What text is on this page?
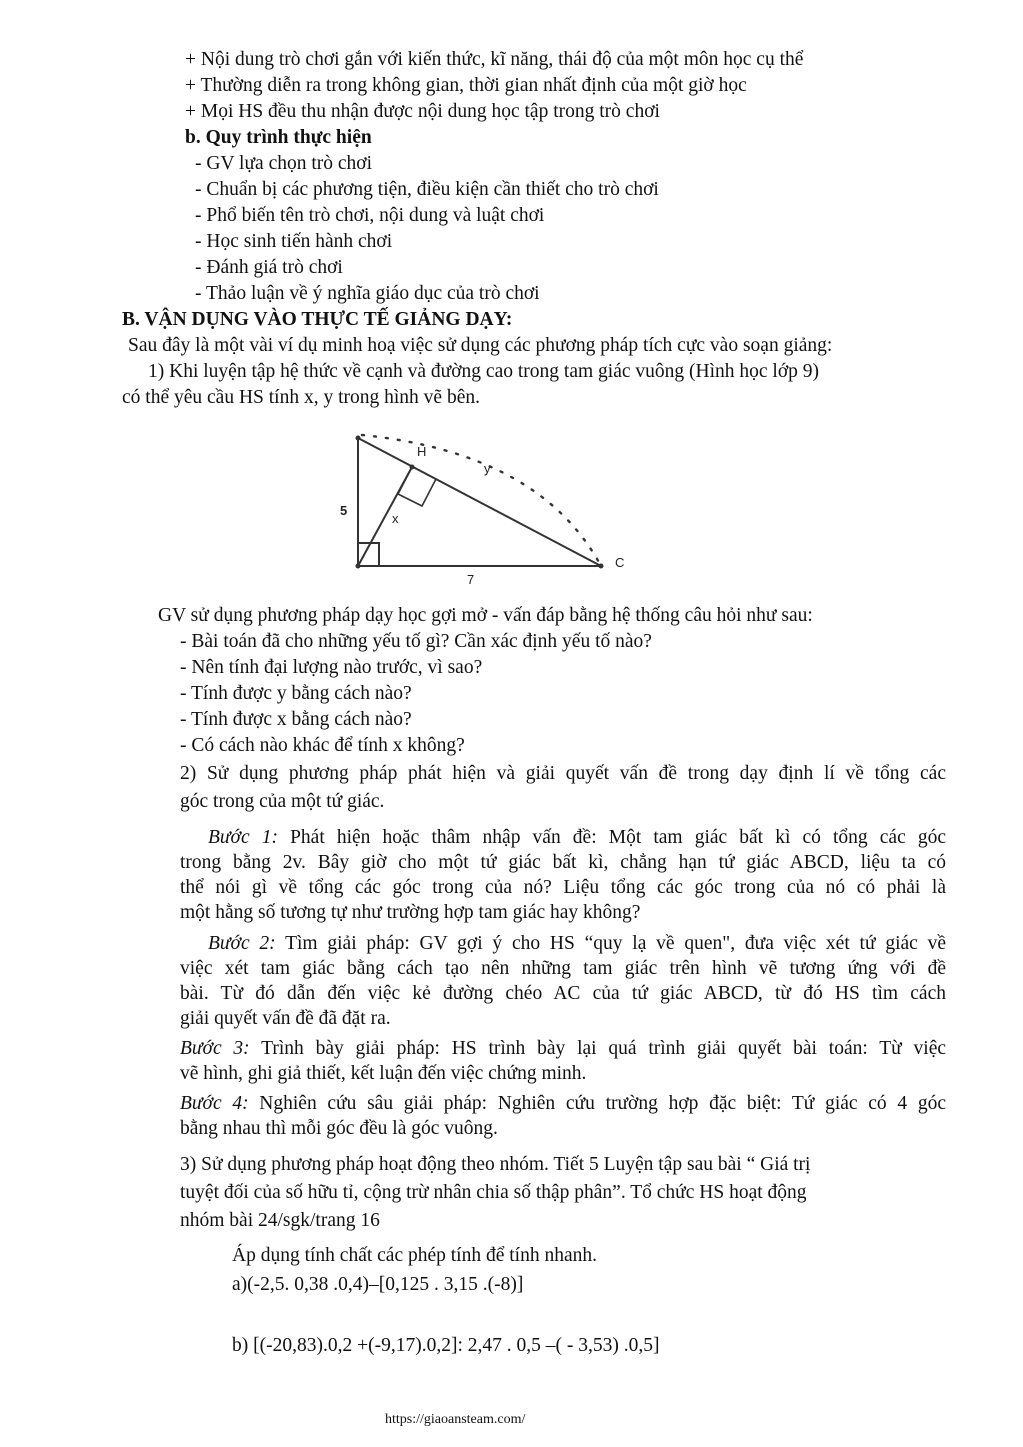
+ Nội dung trò chơi gắn với kiến thức, kĩ năng, thái độ của một môn học cụ thể
+ Thường diễn ra trong không gian, thời gian nhất định của một giờ học
+ Mọi HS đều thu nhận được nội dung học tập trong trò chơi
b. Quy trình thực hiện
- GV lựa chọn trò chơi
- Chuẩn bị các phương tiện, điều kiện cần thiết cho trò chơi
- Phổ biến tên trò chơi, nội dung và luật chơi
- Học sinh tiến hành chơi
- Đánh giá trò chơi
- Thảo luận về ý nghĩa giáo dục của trò chơi
B. VẬN DỤNG VÀO THỰC TẾ GIẢNG DẠY:
Sau đây là một vài ví dụ minh hoạ việc sử dụng các phương pháp tích cực vào soạn giảng:
1) Khi luyện tập hệ thức về cạnh và đường cao trong tam giác vuông (Hình học lớp 9)
có thể yêu cầu HS tính x, y trong hình vẽ bên.
H
y
x
5
7
C
GV sử dụng phương pháp dạy học gợi mở - vấn đáp bằng hệ thống câu hỏi như sau:
- Bài toán đã cho những yếu tố gì? Cần xác định yếu tố nào?
- Nên tính đại lượng nào trước, vì sao?
- Tính được y bằng cách nào?
- Tính được x bằng cách nào?
- Có cách nào khác để tính x không?
2) Sử dụng phương pháp phát hiện và giải quyết vấn đề trong dạy định lí về tổng các
góc trong của một tứ giác.
Bước 1: Phát hiện hoặc thâm nhập vấn đề: Một tam giác bất kì có tổng các góc
trong bằng 2v. Bây giờ cho một tứ giác bất kì, chẳng hạn tứ giác ABCD, liệu ta có
thể nói gì về tổng các góc trong của nó? Liệu tổng các góc trong của nó có phải là
một hằng số tương tự như trường hợp tam giác hay không?
Bước 2: Tìm giải pháp: GV gợi ý cho HS “quy lạ về quen", đưa việc xét tứ giác về
việc xét tam giác bằng cách tạo nên những tam giác trên hình vẽ tương ứng với đề
bài. Từ đó dẫn đến việc kẻ đường chéo AC của tứ giác ABCD, từ đó HS tìm cách
giải quyết vấn đề đã đặt ra.
Bước 3: Trình bày giải pháp: HS trình bày lại quá trình giải quyết bài toán: Từ việc
vẽ hình, ghi giả thiết, kết luận đến việc chứng minh.
Bước 4: Nghiên cứu sâu giải pháp: Nghiên cứu trường hợp đặc biệt: Tứ giác có 4 góc
bằng nhau thì mỗi góc đều là góc vuông.
3) Sử dụng phương pháp hoạt động theo nhóm. Tiết 5 Luyện tập sau bài “ Giá trị
tuyệt đối của số hữu tỉ, cộng trừ nhân chia số thập phân”. Tổ chức HS hoạt động
nhóm bài 24/sgk/trang 16
Áp dụng tính chất các phép tính để tính nhanh.
a)(-2,5. 0,38 .0,4)–[0,125 . 3,15 .(-8)]
b) [(-20,83).0,2 +(-9,17).0,2]: 2,47 . 0,5 –( - 3,53) .0,5]
https://giaoansteam.com/
